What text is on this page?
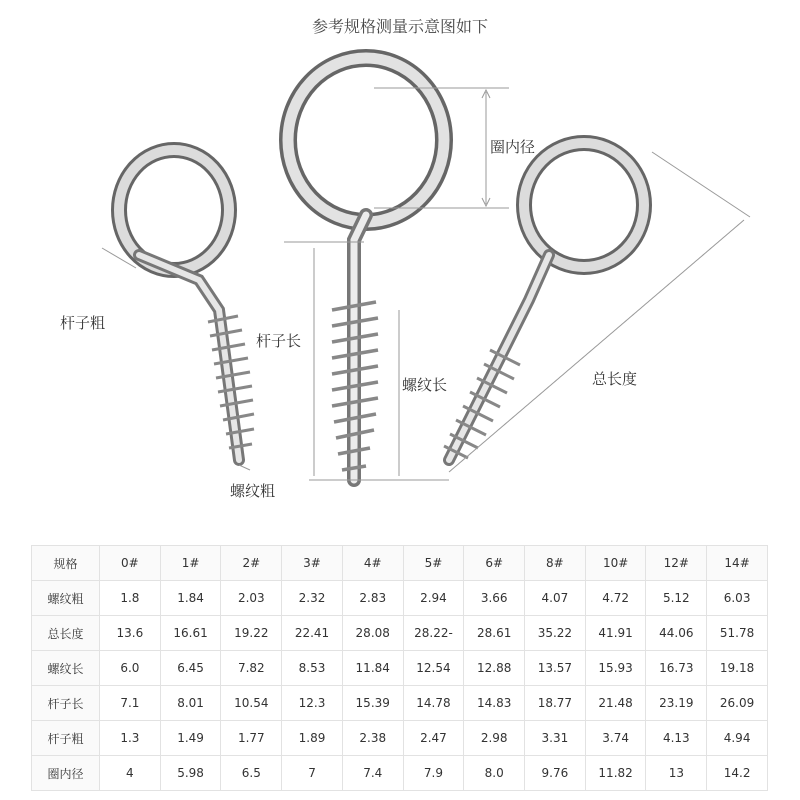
参考规格测量示意图如下
圈内径
杆子粗
杆子长
螺纹长	总长度
螺纹粗
规格	0#	1#	2#	3#	4#	5#	6#	8#	10#	12#	14#
螺纹粗	1.8	1.84	2.03	2.32	2.83	2.94	3.66	4.07	4.72	5.12	6.03
总长度	13.6	16.61	19.22	22.41	28.08	28.22-	28.61	35.22	41.91	44.06	51.78
螺纹长	6.0	6.45	7.82	8.53	11.84	12.54	12.88	13.57	15.93	16.73	19.18
杆子长	7.1	8.01	10.54	12.3	15.39	14.78	14.83	18.77	21.48	23.19	26.09
杆子粗	1.3	1.49	1.77	1.89	2.38	2.47	2.98	3.31	3.74	4.13	4.94
圈内径	4	5.98	6.5	7	7.4	7.9	8.0	9.76	11.82	13	14.2
